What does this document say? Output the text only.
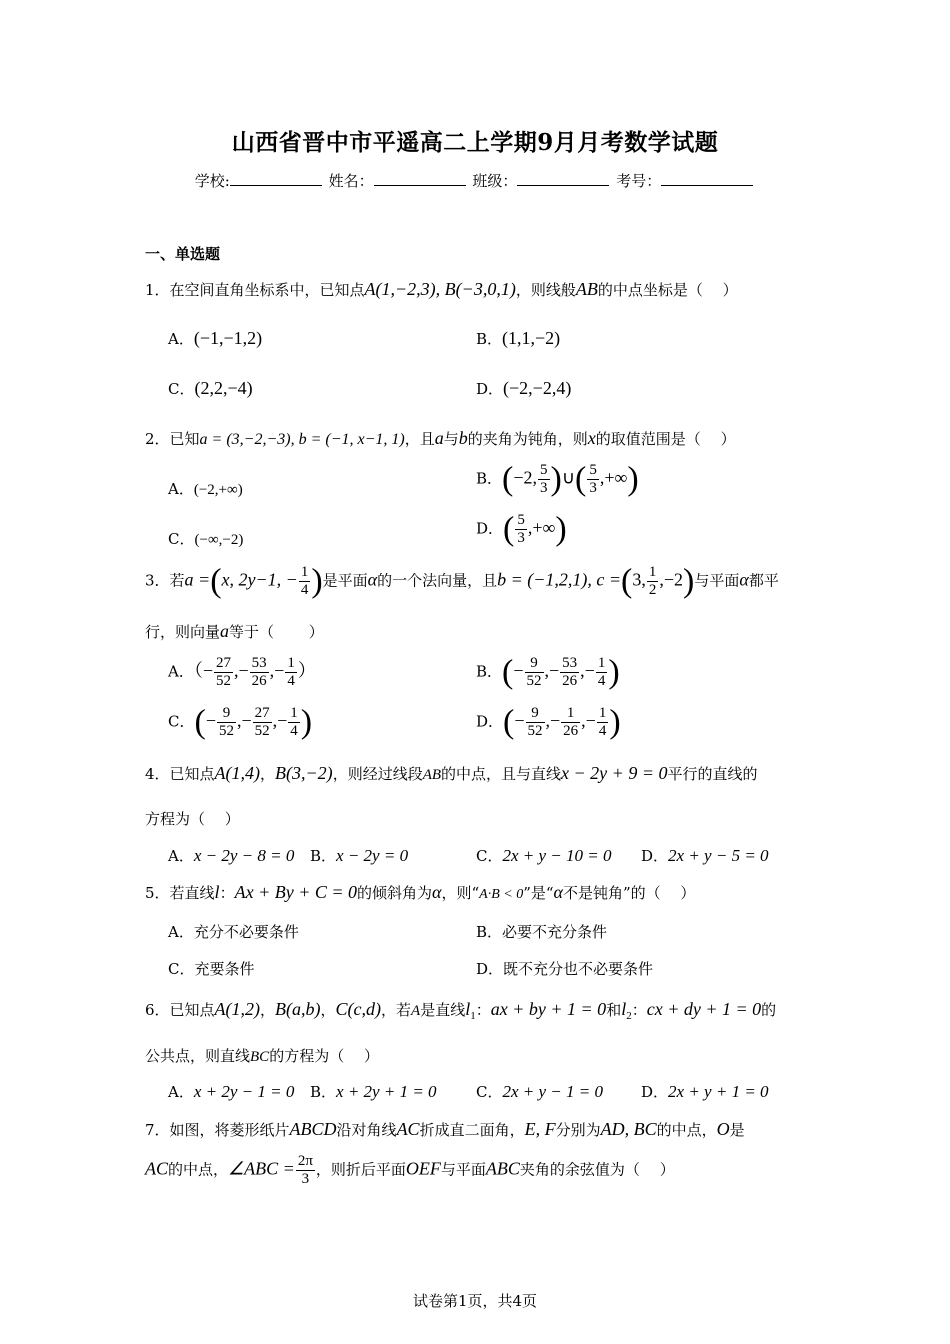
山西省晋中市平遥高二上学期9月月考数学试题
学校:	姓名：	班级：	考号：
一、单选题
1．在空间直角坐标系中，已知点A(1,−2,3), B(−3,0,1)，则线般AB的中点坐标是（　 ）
A．(−1,−1,2)	B．(1,1,−2)
C．(2,2,−4)	D．(−2,−2,4)
2．已知a = (3,−2,−3), b = (−1, x−1, 1)，且a与b的夹角为钝角，则x的取值范围是（　 ）
A．(−2,+∞)
B．(−2, $\frac{5}{3}$ )∪( $\frac{5}{3}$ ,+∞)
C．(−∞,−2)
D．( $\frac{5}{3}$ ,+∞)
3．若a =(x, 2y−1, − $\frac{1}{4}$ )是平面α的一个法向量，且b = (−1,2,1), c =(3, $\frac{1}{2} ,-2$)与平面α都平
行，则向量a等于（　　 ）
A．（− $\frac{27}{52}$ ,− $\frac{53}{26}$ ,− $\frac{1}{4}$ ）	B．(− $\frac{9}{52}$ ,− $\frac{53}{26}$ ,− $\frac{1}{4}$ )
C．(− $\frac{9}{52}$ ,− $\frac{27}{52}$ ,− $\frac{1}{4}$ )	D．(− $\frac{9}{52}$ ,− $\frac{1}{26}$ ,− $\frac{1}{4}$ )
4．已知点A(1,4)，B(3,−2)，则经过线段AB的中点，且与直线x − 2y + 9 = 0平行的直线的
方程为（　 ）
A．x − 2y − 8 = 0 B．x − 2y = 0	C．2x + y − 10 = 0 D．2x + y − 5 = 0
5．若直线l：Ax + By + C = 0的倾斜角为α，则“A·B < 0”是“α不是钝角”的（　 ）
A．充分不必要条件	B．必要不充分条件
C．充要条件	D．既不充分也不必要条件
6．已知点A(1,2)，B(a,b)，C(c,d)，若A是直线$l_1$：ax + by + 1 = 0和$l_2$：cx + dy + 1 = 0的
公共点，则直线BC的方程为（　 ）
A．x + 2y − 1 = 0 B．x + 2y + 1 = 0	C．2x + y − 1 = 0	D．2x + y + 1 = 0
7．如图，将菱形纸片ABCD沿对角线AC折成直二面角，E, F分别为AD, BC的中点，O是
AC的中点，∠ABC = $\frac{2\pi}{3}$ ，则折后平面OEF与平面ABC夹角的余弦值为（　 ）
试卷第1页，共4页
